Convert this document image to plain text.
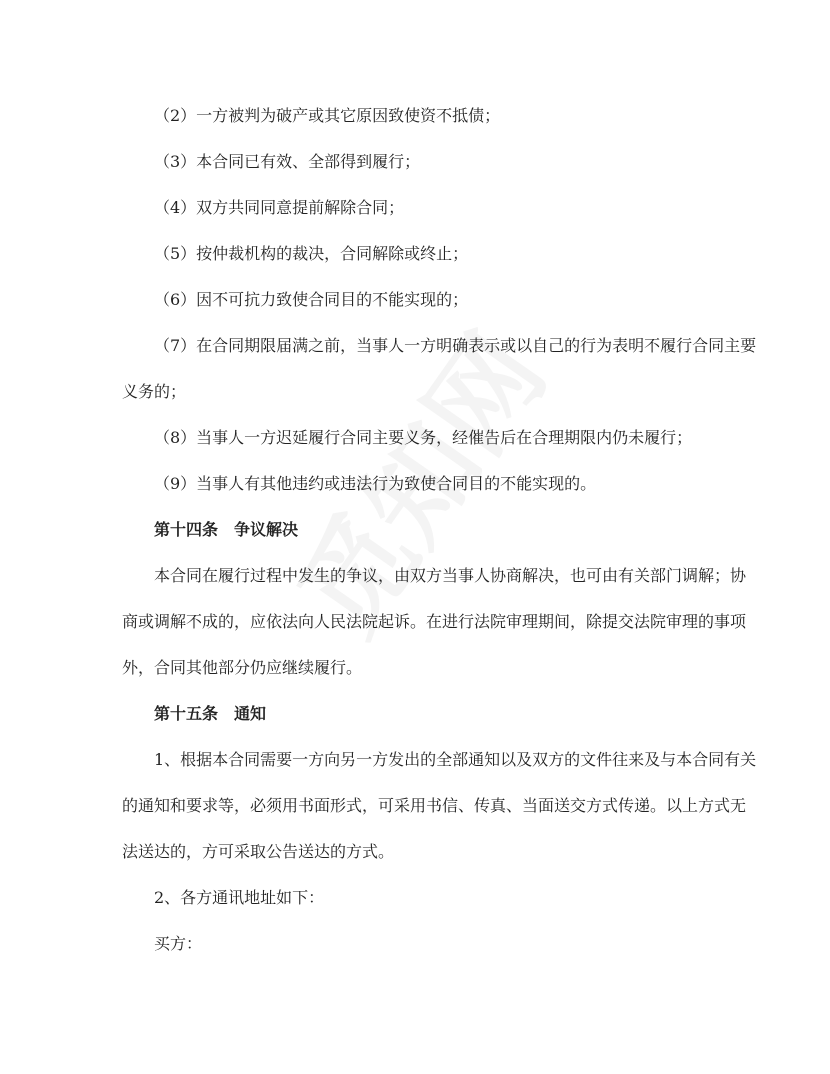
（2）一方被判为破产或其它原因致使资不抵债；
（3）本合同已有效、全部得到履行；
（4）双方共同同意提前解除合同；
（5）按仲裁机构的裁决，合同解除或终止；
（6）因不可抗力致使合同目的不能实现的；
（7）在合同期限届满之前，当事人一方明确表示或以自己的行为表明不履行合同主要
义务的；
（8）当事人一方迟延履行合同主要义务，经催告后在合理期限内仍未履行；
（9）当事人有其他违约或违法行为致使合同目的不能实现的。
第十四条　争议解决
本合同在履行过程中发生的争议，由双方当事人协商解决，也可由有关部门调解；协
商或调解不成的，应依法向人民法院起诉。在进行法院审理期间，除提交法院审理的事项
外，合同其他部分仍应继续履行。
第十五条　通知
1、根据本合同需要一方向另一方发出的全部通知以及双方的文件往来及与本合同有关
的通知和要求等，必须用书面形式，可采用书信、传真、当面送交方式传递。以上方式无
法送达的，方可采取公告送达的方式。
2、各方通讯地址如下：
买方：
